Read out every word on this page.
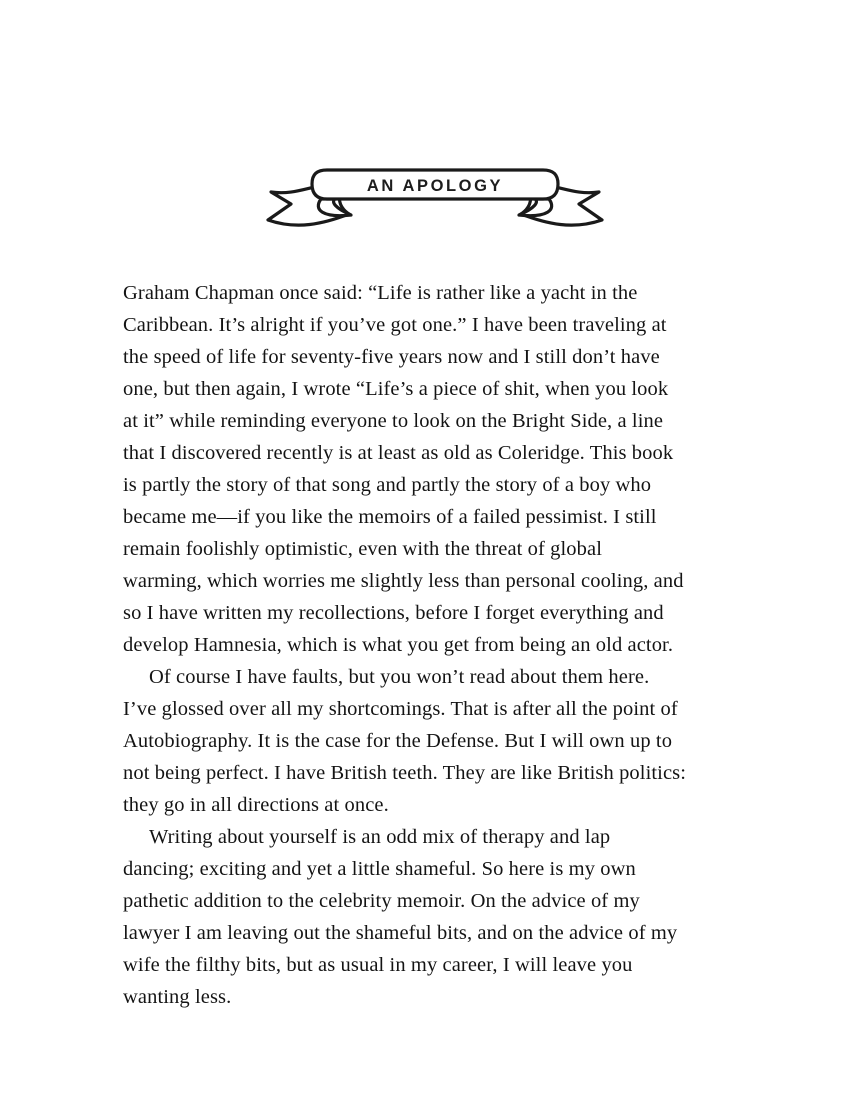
AN APOLOGY
Graham Chapman once said: “Life is rather like a yacht in the
Caribbean. It’s alright if you’ve got one.” I have been traveling at
the speed of life for seventy-five years now and I still don’t have
one, but then again, I wrote “Life’s a piece of shit, when you look
at it” while reminding everyone to look on the Bright Side, a line
that I discovered recently is at least as old as Coleridge. This book
is partly the story of that song and partly the story of a boy who
became me—if you like the memoirs of a failed pessimist. I still
remain foolishly optimistic, even with the threat of global
warming, which worries me slightly less than personal cooling, and
so I have written my recollections, before I forget everything and
develop Hamnesia, which is what you get from being an old actor.
Of course I have faults, but you won’t read about them here.
I’ve glossed over all my shortcomings. That is after all the point of
Autobiography. It is the case for the Defense. But I will own up to
not being perfect. I have British teeth. They are like British politics:
they go in all directions at once.
Writing about yourself is an odd mix of therapy and lap
dancing; exciting and yet a little shameful. So here is my own
pathetic addition to the celebrity memoir. On the advice of my
lawyer I am leaving out the shameful bits, and on the advice of my
wife the filthy bits, but as usual in my career, I will leave you
wanting less.
